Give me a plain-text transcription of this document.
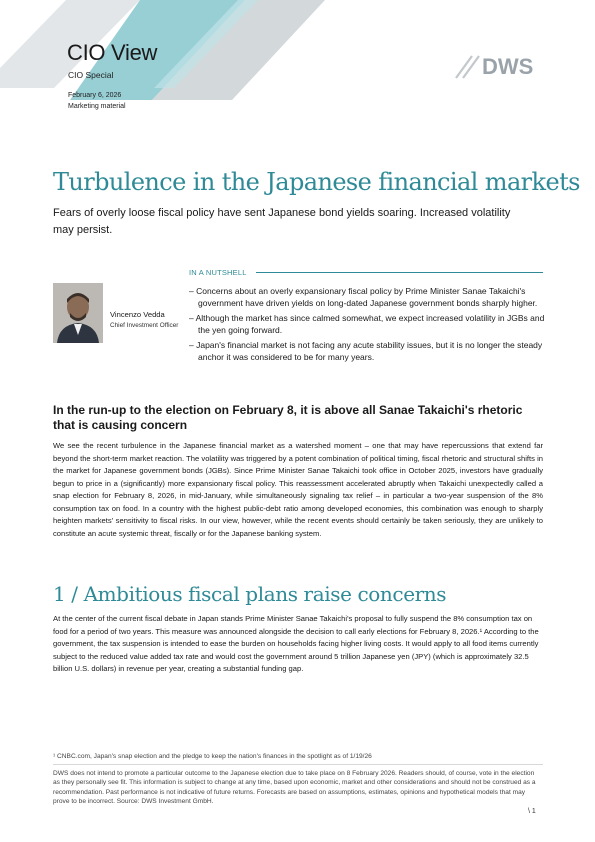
CIO View
CIO Special
February 6, 2026
Marketing material
DWS
Turbulence in the Japanese financial markets
Fears of overly loose fiscal policy have sent Japanese bond yields soaring. Increased volatility may persist.
IN A NUTSHELL
Vincenzo Vedda
Chief Investment Officer
– Concerns about an overly expansionary fiscal policy by Prime Minister Sanae Takaichi's government have driven yields on long-dated Japanese government bonds sharply higher.
– Although the market has since calmed somewhat, we expect increased volatility in JGBs and the yen going forward.
– Japan's financial market is not facing any acute stability issues, but it is no longer the steady anchor it was considered to be for many years.
In the run-up to the election on February 8, it is above all Sanae Takaichi's rhetoric that is causing concern
We see the recent turbulence in the Japanese financial market as a watershed moment – one that may have repercussions that extend far beyond the short-term market reaction. The volatility was triggered by a potent combination of political timing, fiscal rhetoric and structural shifts in the market for Japanese government bonds (JGBs). Since Prime Minister Sanae Takaichi took office in October 2025, investors have gradually begun to price in a (significantly) more expansionary fiscal policy. This reassessment accelerated abruptly when Takaichi unexpectedly called a snap election for February 8, 2026, in mid-January, while simultaneously signaling tax relief – in particular a two-year suspension of the 8% consumption tax on food. In a country with the highest public-debt ratio among developed economies, this combination was enough to sharply heighten markets' sensitivity to fiscal risks. In our view, however, while the recent events should certainly be taken seriously, they are unlikely to constitute an acute systemic threat, fiscally or for the Japanese banking system.
1 / Ambitious fiscal plans raise concerns
At the center of the current fiscal debate in Japan stands Prime Minister Sanae Takaichi's proposal to fully suspend the 8% consumption tax on food for a period of two years. This measure was announced alongside the decision to call early elections for February 8, 2026.¹ According to the government, the tax suspension is intended to ease the burden on households facing higher living costs. It would apply to all food items currently subject to the reduced value added tax rate and would cost the government around 5 trillion Japanese yen (JPY) (which is approximately 32.5 billion U.S. dollars) in revenue per year, creating a substantial funding gap.
¹ CNBC.com, Japan's snap election and the pledge to keep the nation's finances in the spotlight as of 1/19/26
DWS does not intend to promote a particular outcome to the Japanese election due to take place on 8 February 2026. Readers should, of course, vote in the election as they personally see fit. This information is subject to change at any time, based upon economic, market and other considerations and should not be construed as a recommendation. Past performance is not indicative of future returns. Forecasts are based on assumptions, estimates, opinions and hypothetical models that may prove to be incorrect. Source: DWS Investment GmbH.
\ 1
